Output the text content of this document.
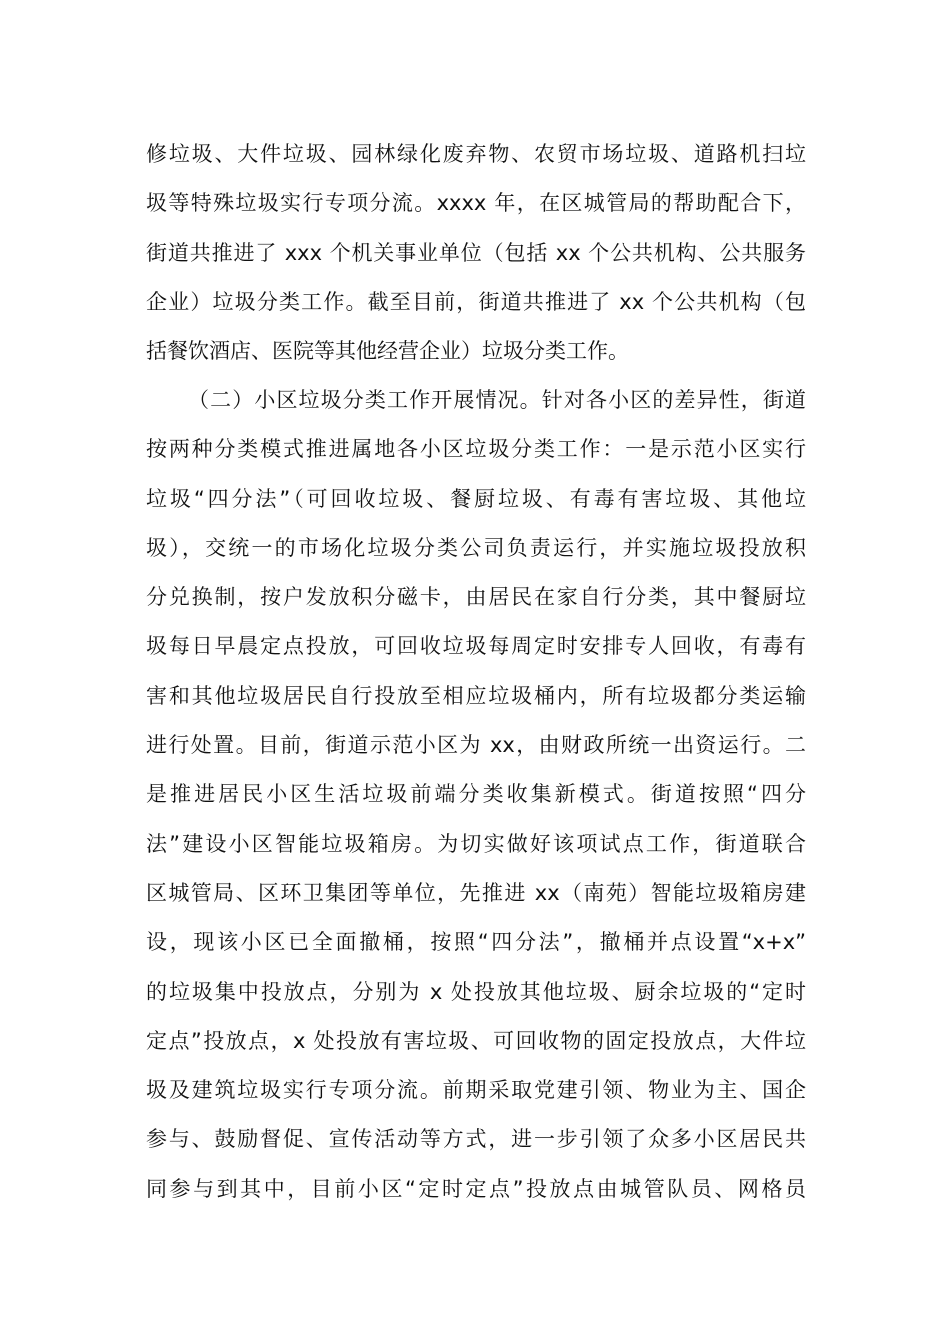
修垃圾、大件垃圾、园林绿化废弃物、农贸市场垃圾、道路机扫垃
圾等特殊垃圾实行专项分流。xxxx 年，在区城管局的帮助配合下，
街道共推进了 xxx 个机关事业单位（包括 xx 个公共机构、公共服务
企业）垃圾分类工作。截至目前，街道共推进了 xx 个公共机构（包
括餐饮酒店、医院等其他经营企业）垃圾分类工作。
（二）小区垃圾分类工作开展情况。针对各小区的差异性，街道
按两种分类模式推进属地各小区垃圾分类工作：一是示范小区实行
垃圾“四分法”（可回收垃圾、餐厨垃圾、有毒有害垃圾、其他垃
圾），交统一的市场化垃圾分类公司负责运行，并实施垃圾投放积
分兑换制，按户发放积分磁卡，由居民在家自行分类，其中餐厨垃
圾每日早晨定点投放，可回收垃圾每周定时安排专人回收，有毒有
害和其他垃圾居民自行投放至相应垃圾桶内，所有垃圾都分类运输
进行处置。目前，街道示范小区为 xx，由财政所统一出资运行。二
是推进居民小区生活垃圾前端分类收集新模式。街道按照“四分
法”建设小区智能垃圾箱房。为切实做好该项试点工作，街道联合
区城管局、区环卫集团等单位，先推进 xx（南苑）智能垃圾箱房建
设，现该小区已全面撤桶，按照“四分法”，撤桶并点设置“x+x”
的垃圾集中投放点，分别为 x 处投放其他垃圾、厨余垃圾的“定时
定点”投放点，x 处投放有害垃圾、可回收物的固定投放点，大件垃
圾及建筑垃圾实行专项分流。前期采取党建引领、物业为主、国企
参与、鼓励督促、宣传活动等方式，进一步引领了众多小区居民共
同参与到其中，目前小区“定时定点”投放点由城管队员、网格员
